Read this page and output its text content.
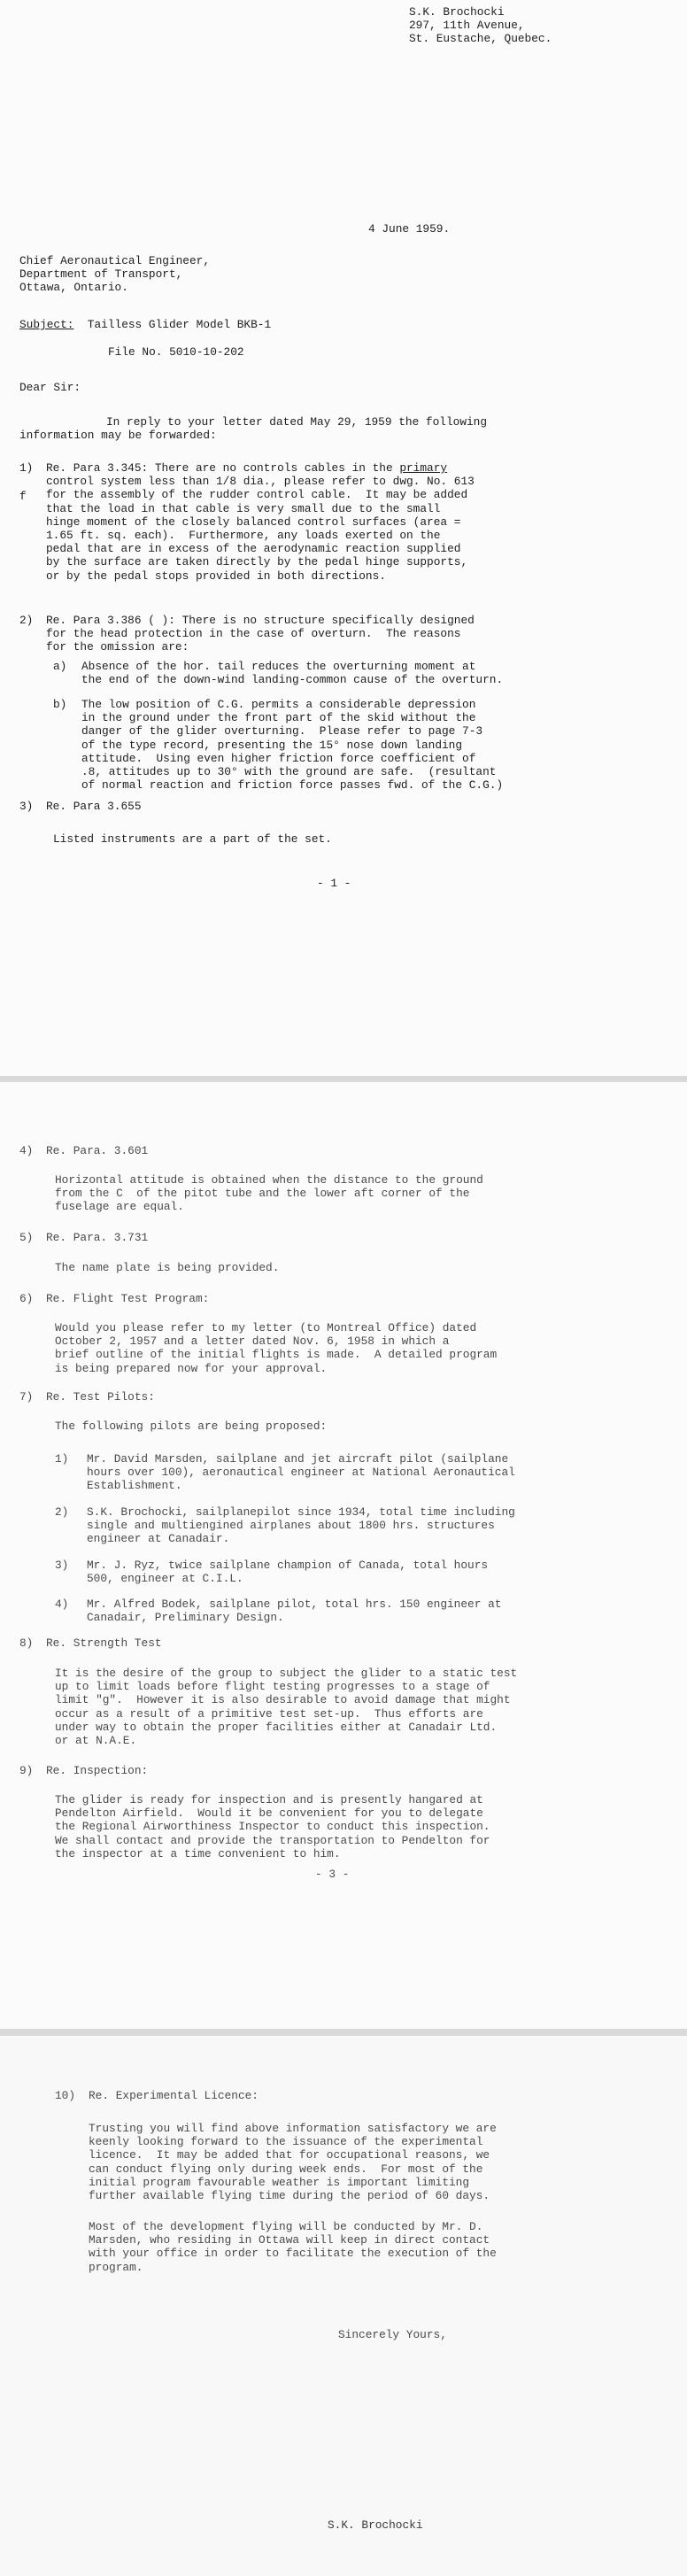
S.K. Brochocki
297, 11th Avenue,
St. Eustache, Quebec.
4 June 1959.
Chief Aeronautical Engineer,
Department of Transport,
Ottawa, Ontario.
Subject: Tailless Glider Model BKB-1
File No. 5010-10-202
Dear Sir:
In reply to your letter dated May 29, 1959 the following
information may be forwarded:
1) Re. Para 3.345: There are no controls cables in the primary
control system less than 1/8 dia., please refer to dwg. No. 613
for the assembly of the rudder control cable.  It may be added
that the load in that cable is very small due to the small
hinge moment of the closely balanced control surfaces (area =
1.65 ft. sq. each).  Furthermore, any loads exerted on the
pedal that are in excess of the aerodynamic reaction supplied
by the surface are taken directly by the pedal hinge supports,
or by the pedal stops provided in both directions.
f
2) Re. Para 3.386 ( ): There is no structure specifically designed
for the head protection in the case of overturn.  The reasons
for the omission are:
a) Absence of the hor. tail reduces the overturning moment at
the end of the down-wind landing-common cause of the overturn.
b) The low position of C.G. permits a considerable depression
in the ground under the front part of the skid without the
danger of the glider overturning.  Please refer to page 7-3
of the type record, presenting the 15° nose down landing
attitude.  Using even higher friction force coefficient of
.8, attitudes up to 30° with the ground are safe.  (resultant
of normal reaction and friction force passes fwd. of the C.G.)
3) Re. Para 3.655
Listed instruments are a part of the set.
- 1 -
4) Re. Para. 3.601
Horizontal attitude is obtained when the distance to the ground
from the C  of the pitot tube and the lower aft corner of the
fuselage are equal.
5) Re. Para. 3.731
The name plate is being provided.
6) Re. Flight Test Program:
Would you please refer to my letter (to Montreal Office) dated
October 2, 1957 and a letter dated Nov. 6, 1958 in which a
brief outline of the initial flights is made.  A detailed program
is being prepared now for your approval.
7) Re. Test Pilots:
The following pilots are being proposed:
1) Mr. David Marsden, sailplane and jet aircraft pilot (sailplane
hours over 100), aeronautical engineer at National Aeronautical
Establishment.
2) S.K. Brochocki, sailplanepilot since 1934, total time including
single and multiengined airplanes about 1800 hrs. structures
engineer at Canadair.
3) Mr. J. Ryz, twice sailplane champion of Canada, total hours
500, engineer at C.I.L.
4) Mr. Alfred Bodek, sailplane pilot, total hrs. 150 engineer at
Canadair, Preliminary Design.
8) Re. Strength Test
It is the desire of the group to subject the glider to a static test
up to limit loads before flight testing progresses to a stage of
limit "g".  However it is also desirable to avoid damage that might
occur as a result of a primitive test set-up.  Thus efforts are
under way to obtain the proper facilities either at Canadair Ltd.
or at N.A.E.
9) Re. Inspection:
The glider is ready for inspection and is presently hangared at
Pendelton Airfield.  Would it be convenient for you to delegate
the Regional Airworthiness Inspector to conduct this inspection.
We shall contact and provide the transportation to Pendelton for
the inspector at a time convenient to him.
- 3 -
10) Re. Experimental Licence:
Trusting you will find above information satisfactory we are
keenly looking forward to the issuance of the experimental
licence.  It may be added that for occupational reasons, we
can conduct flying only during week ends.  For most of the
initial program favourable weather is important limiting
further available flying time during the period of 60 days.
Most of the development flying will be conducted by Mr. D.
Marsden, who residing in Ottawa will keep in direct contact
with your office in order to facilitate the execution of the
program.
Sincerely Yours,
S.K. Brochocki
